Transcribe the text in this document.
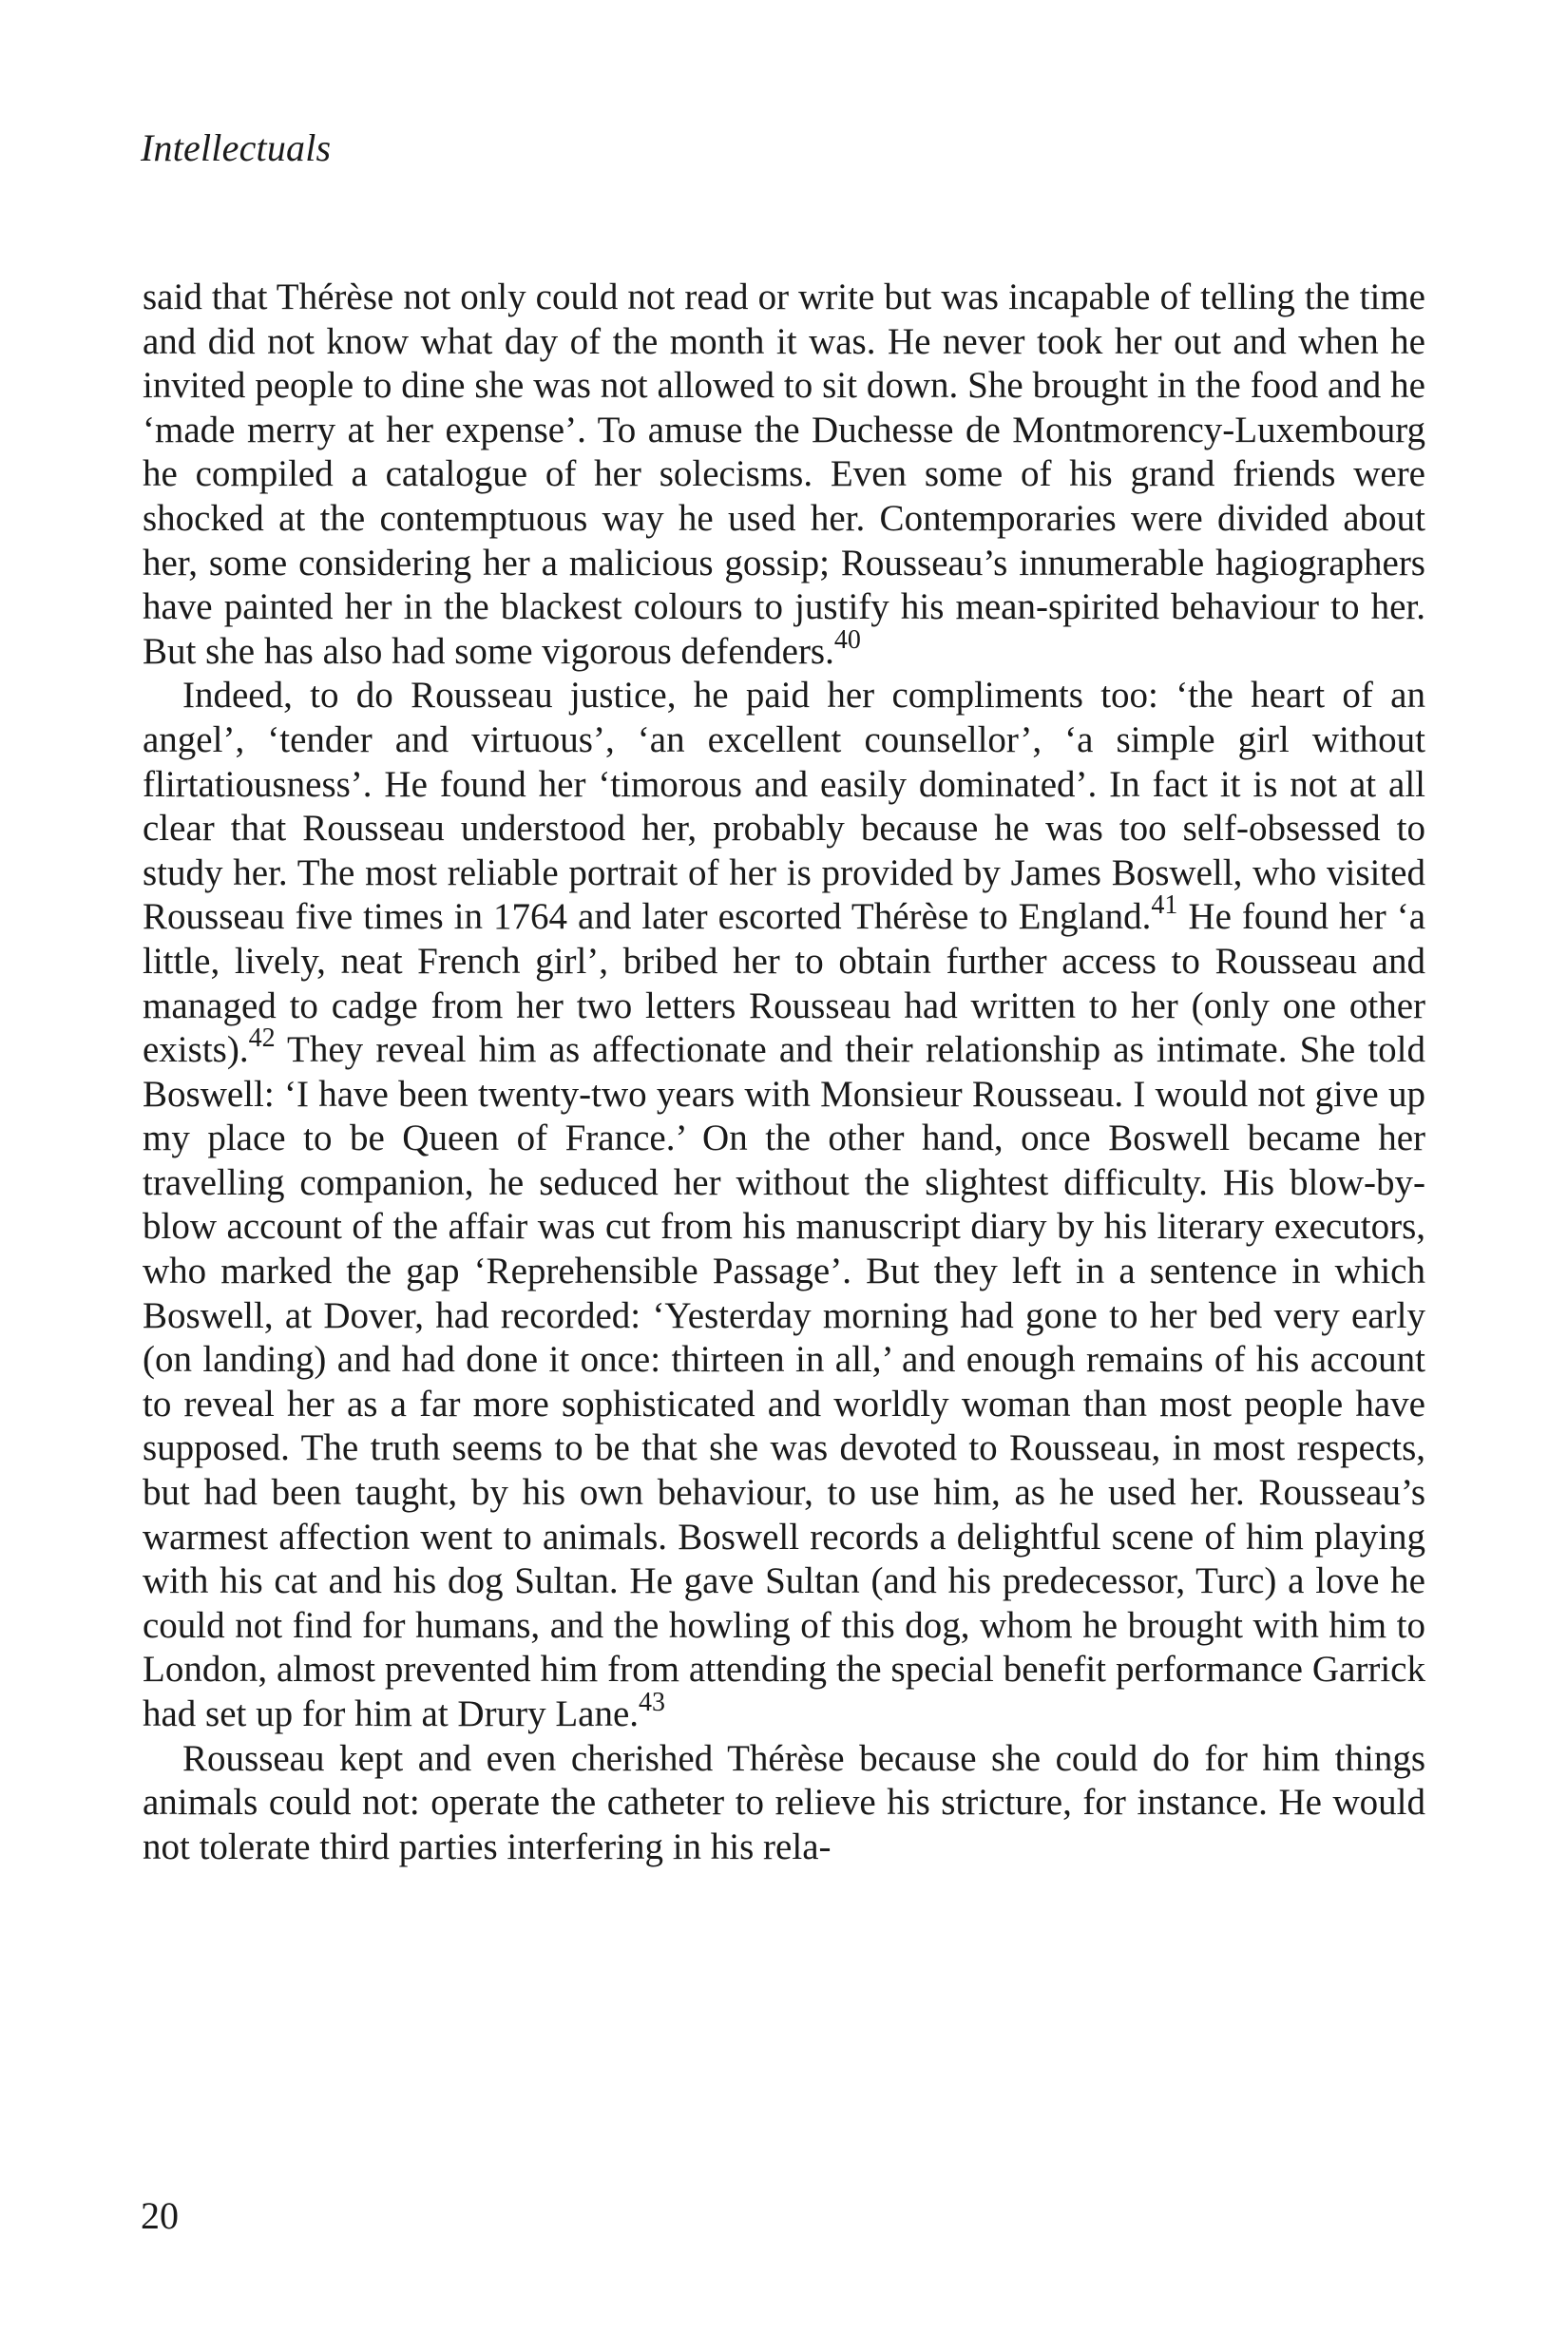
Intellectuals

said that Thérèse not only could not read or write but was incapable of telling the time and did not know what day of the month it was. He never took her out and when he invited people to dine she was not allowed to sit down. She brought in the food and he ‘made merry at her expense’. To amuse the Duchesse de Montmorency-Luxembourg he compiled a catalogue of her solecisms. Even some of his grand friends were shocked at the contemptuous way he used her. Contemporaries were divided about her, some considering her a malicious gossip; Rousseau’s innumerable hagiographers have painted her in the blackest colours to justify his mean-spirited behaviour to her. But she has also had some vigorous defenders.$^{40}$

Indeed, to do Rousseau justice, he paid her compliments too: ‘the heart of an angel’, ‘tender and virtuous’, ‘an excellent counsellor’, ‘a simple girl without flirtatiousness’. He found her ‘timorous and easily dominated’. In fact it is not at all clear that Rousseau understood her, probably because he was too self-obsessed to study her. The most reliable portrait of her is provided by James Boswell, who visited Rousseau five times in 1764 and later escorted Thérèse to England.$^{41}$ He found her ‘a little, lively, neat French girl’, bribed her to obtain further access to Rousseau and managed to cadge from her two letters Rousseau had written to her (only one other exists).$^{42}$ They reveal him as affectionate and their relationship as intimate. She told Boswell: ‘I have been twenty-two years with Monsieur Rousseau. I would not give up my place to be Queen of France.’ On the other hand, once Boswell became her travelling companion, he seduced her without the slightest difficulty. His blow-by-blow account of the affair was cut from his manuscript diary by his literary executors, who marked the gap ‘Reprehensible Passage’. But they left in a sentence in which Boswell, at Dover, had recorded: ‘Yesterday morning had gone to her bed very early (on landing) and had done it once: thirteen in all,’ and enough remains of his account to reveal her as a far more sophisticated and worldly woman than most people have supposed. The truth seems to be that she was devoted to Rousseau, in most respects, but had been taught, by his own behaviour, to use him, as he used her. Rousseau’s warmest affection went to animals. Boswell records a delightful scene of him playing with his cat and his dog Sultan. He gave Sultan (and his predecessor, Turc) a love he could not find for humans, and the howling of this dog, whom he brought with him to London, almost prevented him from attending the special benefit performance Garrick had set up for him at Drury Lane.$^{43}$

Rousseau kept and even cherished Thérèse because she could do for him things animals could not: operate the catheter to relieve his stricture, for instance. He would not tolerate third parties interfering in his rela-

20
